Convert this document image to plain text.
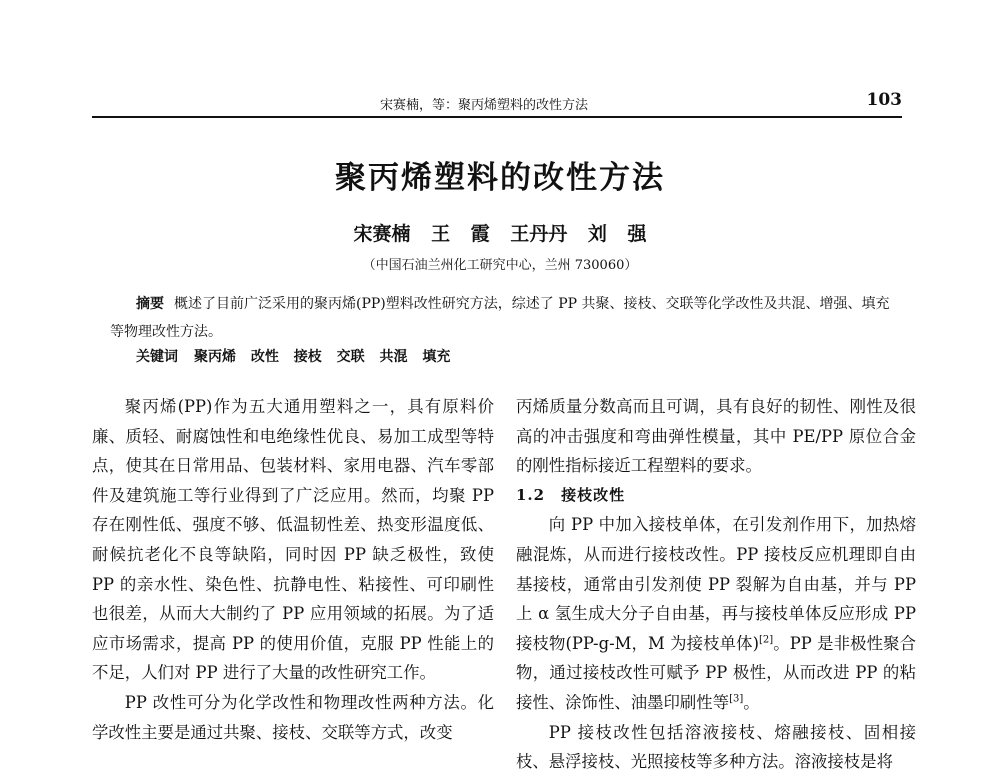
宋赛楠，等：聚丙烯塑料的改性方法	103
聚丙烯塑料的改性方法
宋赛楠 王 霞 王丹丹 刘 强
（中国石油兰州化工研究中心，兰州 730060）
摘要 概述了目前广泛采用的聚丙烯(PP)塑料改性研究方法，综述了 PP 共聚、接枝、交联等化学改性及共混、增强、填充等物理改性方法。
关键词 聚丙烯 改性 接枝 交联 共混 填充

聚丙烯(PP)作为五大通用塑料之一，具有原料价廉、质轻、耐腐蚀性和电绝缘性优良、易加工成型等特点，使其在日常用品、包装材料、家用电器、汽车零部件及建筑施工等行业得到了广泛应用。然而，均聚 PP 存在刚性低、强度不够、低温韧性差、热变形温度低、耐候抗老化不良等缺陷，同时因 PP 缺乏极性，致使 PP 的亲水性、染色性、抗静电性、粘接性、可印刷性也很差，从而大大制约了 PP 应用领域的拓展。为了适应市场需求，提高 PP 的使用价值，克服 PP 性能上的不足，人们对 PP 进行了大量的改性研究工作。

PP 改性可分为化学改性和物理改性两种方法。化学改性主要是通过共聚、接枝、交联等方式，改变

丙烯质量分数高而且可调，具有良好的韧性、刚性及很高的冲击强度和弯曲弹性模量，其中 PE/PP 原位合金的刚性指标接近工程塑料的要求。

1.2　接枝改性

向 PP 中加入接枝单体，在引发剂作用下，加热熔融混炼，从而进行接枝改性。PP 接枝反应机理即自由基接枝，通常由引发剂使 PP 裂解为自由基，并与 PP 上 α 氢生成大分子自由基，再与接枝单体反应形成 PP 接枝物(PP-g-M，M 为接枝单体)[2]。PP 是非极性聚合物，通过接枝改性可赋予 PP 极性，从而改进 PP 的粘接性、涂饰性、油墨印刷性等[3]。

PP 接枝改性包括溶液接枝、熔融接枝、固相接枝、悬浮接枝、光照接枝等多种方法。溶液接枝是将
